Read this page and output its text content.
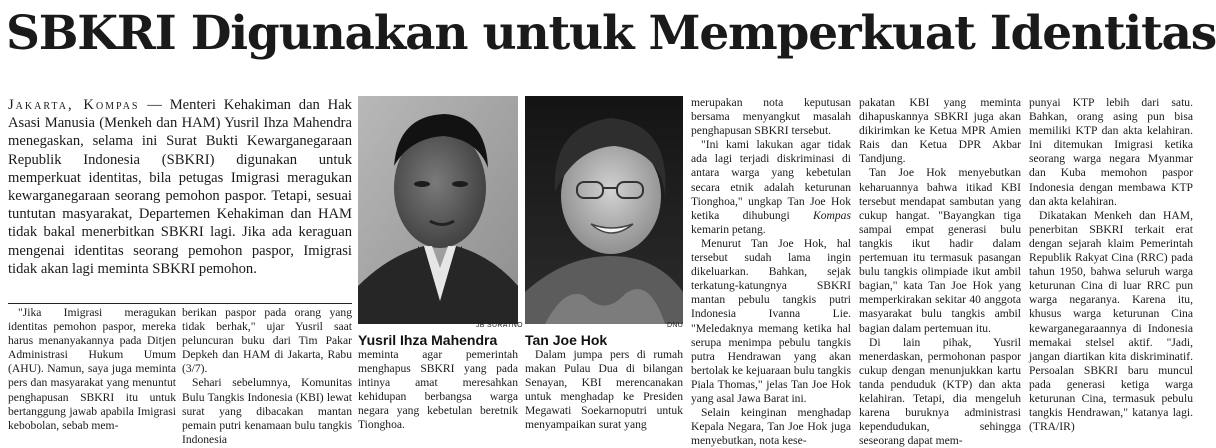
SBKRI Digunakan untuk Memperkuat Identitas
Jakarta, Kompas — Menteri Kehakiman dan Hak Asasi Manusia (Menkeh dan HAM) Yusril Ihza Mahendra menegaskan, selama ini Surat Bukti Kewarganegaraan Republik Indonesia (SBKRI) digunakan untuk memperkuat identitas, bila petugas Imigrasi meragukan kewarganegaraan seorang pemohon paspor. Tetapi, sesuai tuntutan masyarakat, Departemen Kehakiman dan HAM tidak bakal menerbitkan SBKRI lagi. Jika ada keraguan mengenai identitas seorang pemohon paspor, Imigrasi tidak akan lagi meminta SBKRI pemohon.

"Jika Imigrasi meragukan identitas pemohon paspor, mereka harus menanyakannya pada Ditjen Administrasi Hukum Umum (AHU). Namun, saya juga meminta pers dan masyarakat yang menuntut penghapusan SBKRI itu untuk bertanggung jawab apabila Imigrasi kebobolan, sebab mem-

berikan paspor pada orang yang tidak berhak," ujar Yusril saat peluncuran buku dari Tim Pakar Depkeh dan HAM di Jakarta, Rabu (3/7).

Sehari sebelumnya, Komunitas Bulu Tangkis Indonesia (KBI) lewat surat yang dibacakan mantan pemain putri kenamaan bulu tangkis Indonesia

JB SURATNO
Yusril Ihza Mahendra
DNU
Tan Joe Hok

meminta agar pemerintah menghapus SBKRI yang pada intinya amat meresahkan kehidupan berbangsa warga negara yang kebetulan beretnik Tionghoa.

Dalam jumpa pers di rumah makan Pulau Dua di bilangan Senayan, KBI merencanakan untuk menghadap ke Presiden Megawati Soekarnoputri untuk menyampaikan surat yang

merupakan nota keputusan bersama menyangkut masalah penghapusan SBKRI tersebut.

"Ini kami lakukan agar tidak ada lagi terjadi diskriminasi di antara warga yang kebetulan secara etnik adalah keturunan Tionghoa," ungkap Tan Joe Hok ketika dihubungi Kompas kemarin petang.

Menurut Tan Joe Hok, hal tersebut sudah lama ingin dikeluarkan. Bahkan, sejak terkatung-katungnya SBKRI mantan pebulu tangkis putri Indonesia Ivanna Lie. "Meledaknya memang ketika hal serupa menimpa pebulu tangkis putra Hendrawan yang akan bertolak ke kejuaraan bulu tangkis Piala Thomas," jelas Tan Joe Hok yang asal Jawa Barat ini.

Selain keinginan menghadap Kepala Negara, Tan Joe Hok juga menyebutkan, nota kese-

pakatan KBI yang meminta dihapuskannya SBKRI juga akan dikirimkan ke Ketua MPR Amien Rais dan Ketua DPR Akbar Tandjung.

Tan Joe Hok menyebutkan keharuannya bahwa itikad KBI tersebut mendapat sambutan yang cukup hangat. "Bayangkan tiga sampai empat generasi bulu tangkis ikut hadir dalam pertemuan itu termasuk pasangan bulu tangkis olimpiade ikut ambil bagian," kata Tan Joe Hok yang memperkirakan sekitar 40 anggota masyarakat bulu tangkis ambil bagian dalam pertemuan itu.

Di lain pihak, Yusril menerdaskan, permohonan paspor cukup dengan menunjukkan kartu tanda penduduk (KTP) dan akta kelahiran. Tetapi, dia mengeluh karena buruknya administrasi kependudukan, sehingga seseorang dapat mem-

punyai KTP lebih dari satu. Bahkan, orang asing pun bisa memiliki KTP dan akta kelahiran. Ini ditemukan Imigrasi ketika seorang warga negara Myanmar dan Kuba memohon paspor Indonesia dengan membawa KTP dan akta kelahiran.

Dikatakan Menkeh dan HAM, penerbitan SBKRI terkait erat dengan sejarah klaim Pemerintah Republik Rakyat Cina (RRC) pada tahun 1950, bahwa seluruh warga keturunan Cina di luar RRC pun warga negaranya. Karena itu, khusus warga keturunan Cina kewarganegaraannya di Indonesia memakai stelsel aktif. "Jadi, jangan diartikan kita diskriminatif. Persoalan SBKRI baru muncul pada generasi ketiga warga keturunan Cina, termasuk pebulu tangkis Hendrawan," katanya lagi. (TRA/IR)
